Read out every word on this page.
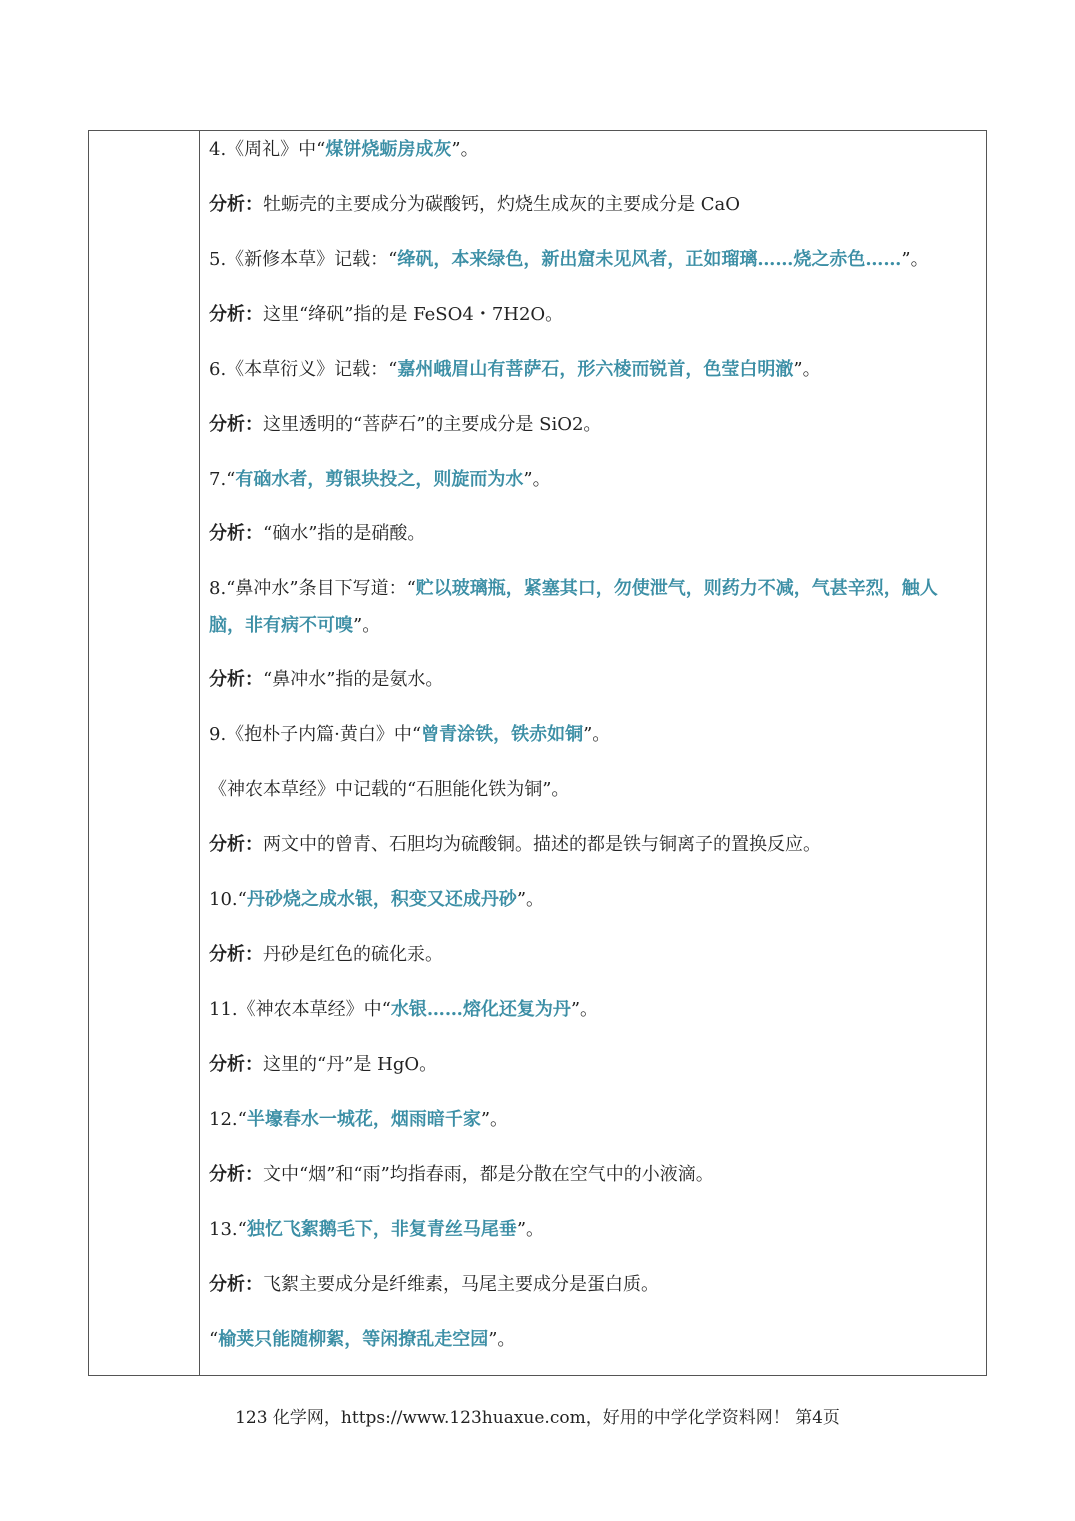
4.《周礼》中“煤饼烧蛎房成灰”。
分析：牡蛎壳的主要成分为碳酸钙，灼烧生成灰的主要成分是 CaO
5.《新修本草》记载：“绛矾，本来绿色，新出窟未见风者，正如瑠璃……烧之赤色……”。
分析：这里“绛矾”指的是 FeSO4・7H2O。
6.《本草衍义》记载：“嘉州峨眉山有菩萨石，形六棱而锐首，色莹白明澈”。
分析：这里透明的“菩萨石”的主要成分是 SiO2。
7.“有硇水者，剪银块投之，则旋而为水”。
分析：“硇水”指的是硝酸。
8.“鼻冲水”条目下写道：“贮以玻璃瓶，紧塞其口，勿使泄气，则药力不减，气甚辛烈，触人脑，非有病不可嗅”。
分析：“鼻冲水”指的是氨水。
9.《抱朴子内篇·黄白》中“曾青涂铁，铁赤如铜”。
《神农本草经》中记载的“石胆能化铁为铜”。
分析：两文中的曾青、石胆均为硫酸铜。描述的都是铁与铜离子的置换反应。
10.“丹砂烧之成水银，积变又还成丹砂”。
分析：丹砂是红色的硫化汞。
11.《神农本草经》中“水银……熔化还复为丹”。
分析：这里的“丹”是 HgO。
12.“半壕春水一城花，烟雨暗千家”。
分析：文中“烟”和“雨”均指春雨，都是分散在空气中的小液滴。
13.“独忆飞絮鹅毛下，非复青丝马尾垂”。
分析：飞絮主要成分是纤维素，马尾主要成分是蛋白质。
“榆荚只能随柳絮，等闲撩乱走空园”。
123 化学网，https://www.123huaxue.com，好用的中学化学资料网！ 第4页
